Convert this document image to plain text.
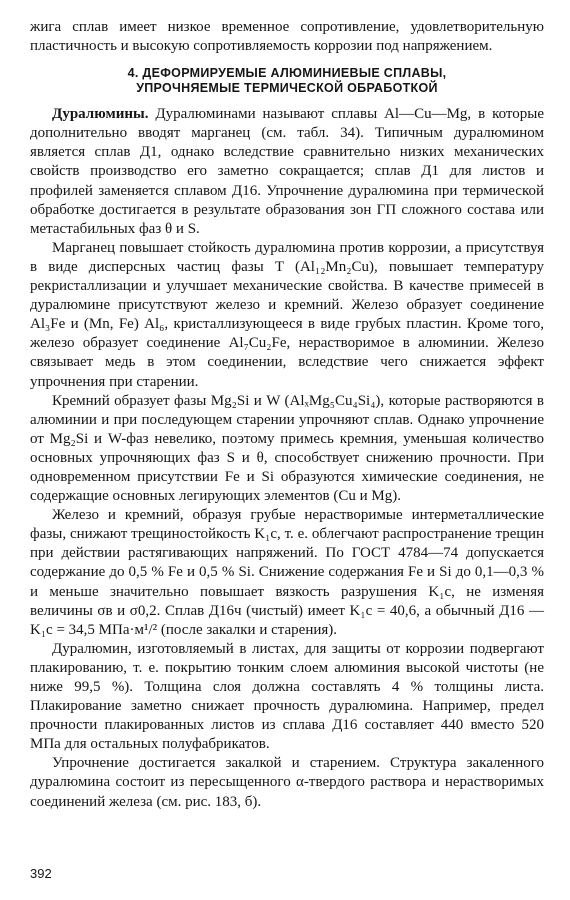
жига сплав имеет низкое временное сопротивление, удовлетворительную пластичность и высокую сопротивляемость коррозии под напряжением.

4. ДЕФОРМИРУЕМЫЕ АЛЮМИНИЕВЫЕ СПЛАВЫ,
УПРОЧНЯЕМЫЕ ТЕРМИЧЕСКОЙ ОБРАБОТКОЙ

Дуралюмины. Дуралюминами называют сплавы Al—Cu—Mg, в которые дополнительно вводят марганец (см. табл. 34). Типичным дуралюмином является сплав Д1, однако вследствие сравнительно низких механических свойств производство его заметно сокращается; сплав Д1 для листов и профилей заменяется сплавом Д16. Упрочнение дуралюмина при термической обработке достигается в результате образования зон ГП сложного состава или метастабильных фаз θ и S.

Марганец повышает стойкость дуралюмина против коррозии, а присутствуя в виде дисперсных частиц фазы T (Al₁₂Mn₂Cu), повышает температуру рекристаллизации и улучшает механические свойства. В качестве примесей в дуралюмине присутствуют железо и кремний. Железо образует соединение Al₃Fe и (Mn, Fe) Al₆, кристаллизующееся в виде грубых пластин. Кроме того, железо образует соединение Al₇Cu₂Fe, нерастворимое в алюминии. Железо связывает медь в этом соединении, вследствие чего снижается эффект упрочнения при старении.

Кремний образует фазы Mg₂Si и W (AlₓMg₅Cu₄Si₄), которые растворяются в алюминии и при последующем старении упрочняют сплав. Однако упрочнение от Mg₂Si и W-фаз невелико, поэтому примесь кремния, уменьшая количество основных упрочняющих фаз S и θ, способствует снижению прочности. При одновременном присутствии Fe и Si образуются химические соединения, не содержащие основных легирующих элементов (Cu и Mg).

Железо и кремний, образуя грубые нерастворимые интерметаллические фазы, снижают трещиностойкость K₁c, т. е. облегчают распространение трещин при действии растягивающих напряжений. По ГОСТ 4784—74 допускается содержание до 0,5 % Fe и 0,5 % Si. Снижение содержания Fe и Si до 0,1—0,3 % и меньше значительно повышает вязкость разрушения K₁c, не изменяя величины σв и σ0,2. Сплав Д16ч (чистый) имеет K₁c = 40,6, а обычный Д16 — K₁c = 34,5 МПа·м¹/² (после закалки и старения).

Дуралюмин, изготовляемый в листах, для защиты от коррозии подвергают плакированию, т. е. покрытию тонким слоем алюминия высокой чистоты (не ниже 99,5 %). Толщина слоя должна составлять 4 % толщины листа. Плакирование заметно снижает прочность дуралюмина. Например, предел прочности плакированных листов из сплава Д16 составляет 440 вместо 520 МПа для остальных полуфабрикатов.

Упрочнение достигается закалкой и старением. Структура закаленного дуралюмина состоит из пересыщенного α-твердого раствора и нерастворимых соединений железа (см. рис. 183, б).

392
